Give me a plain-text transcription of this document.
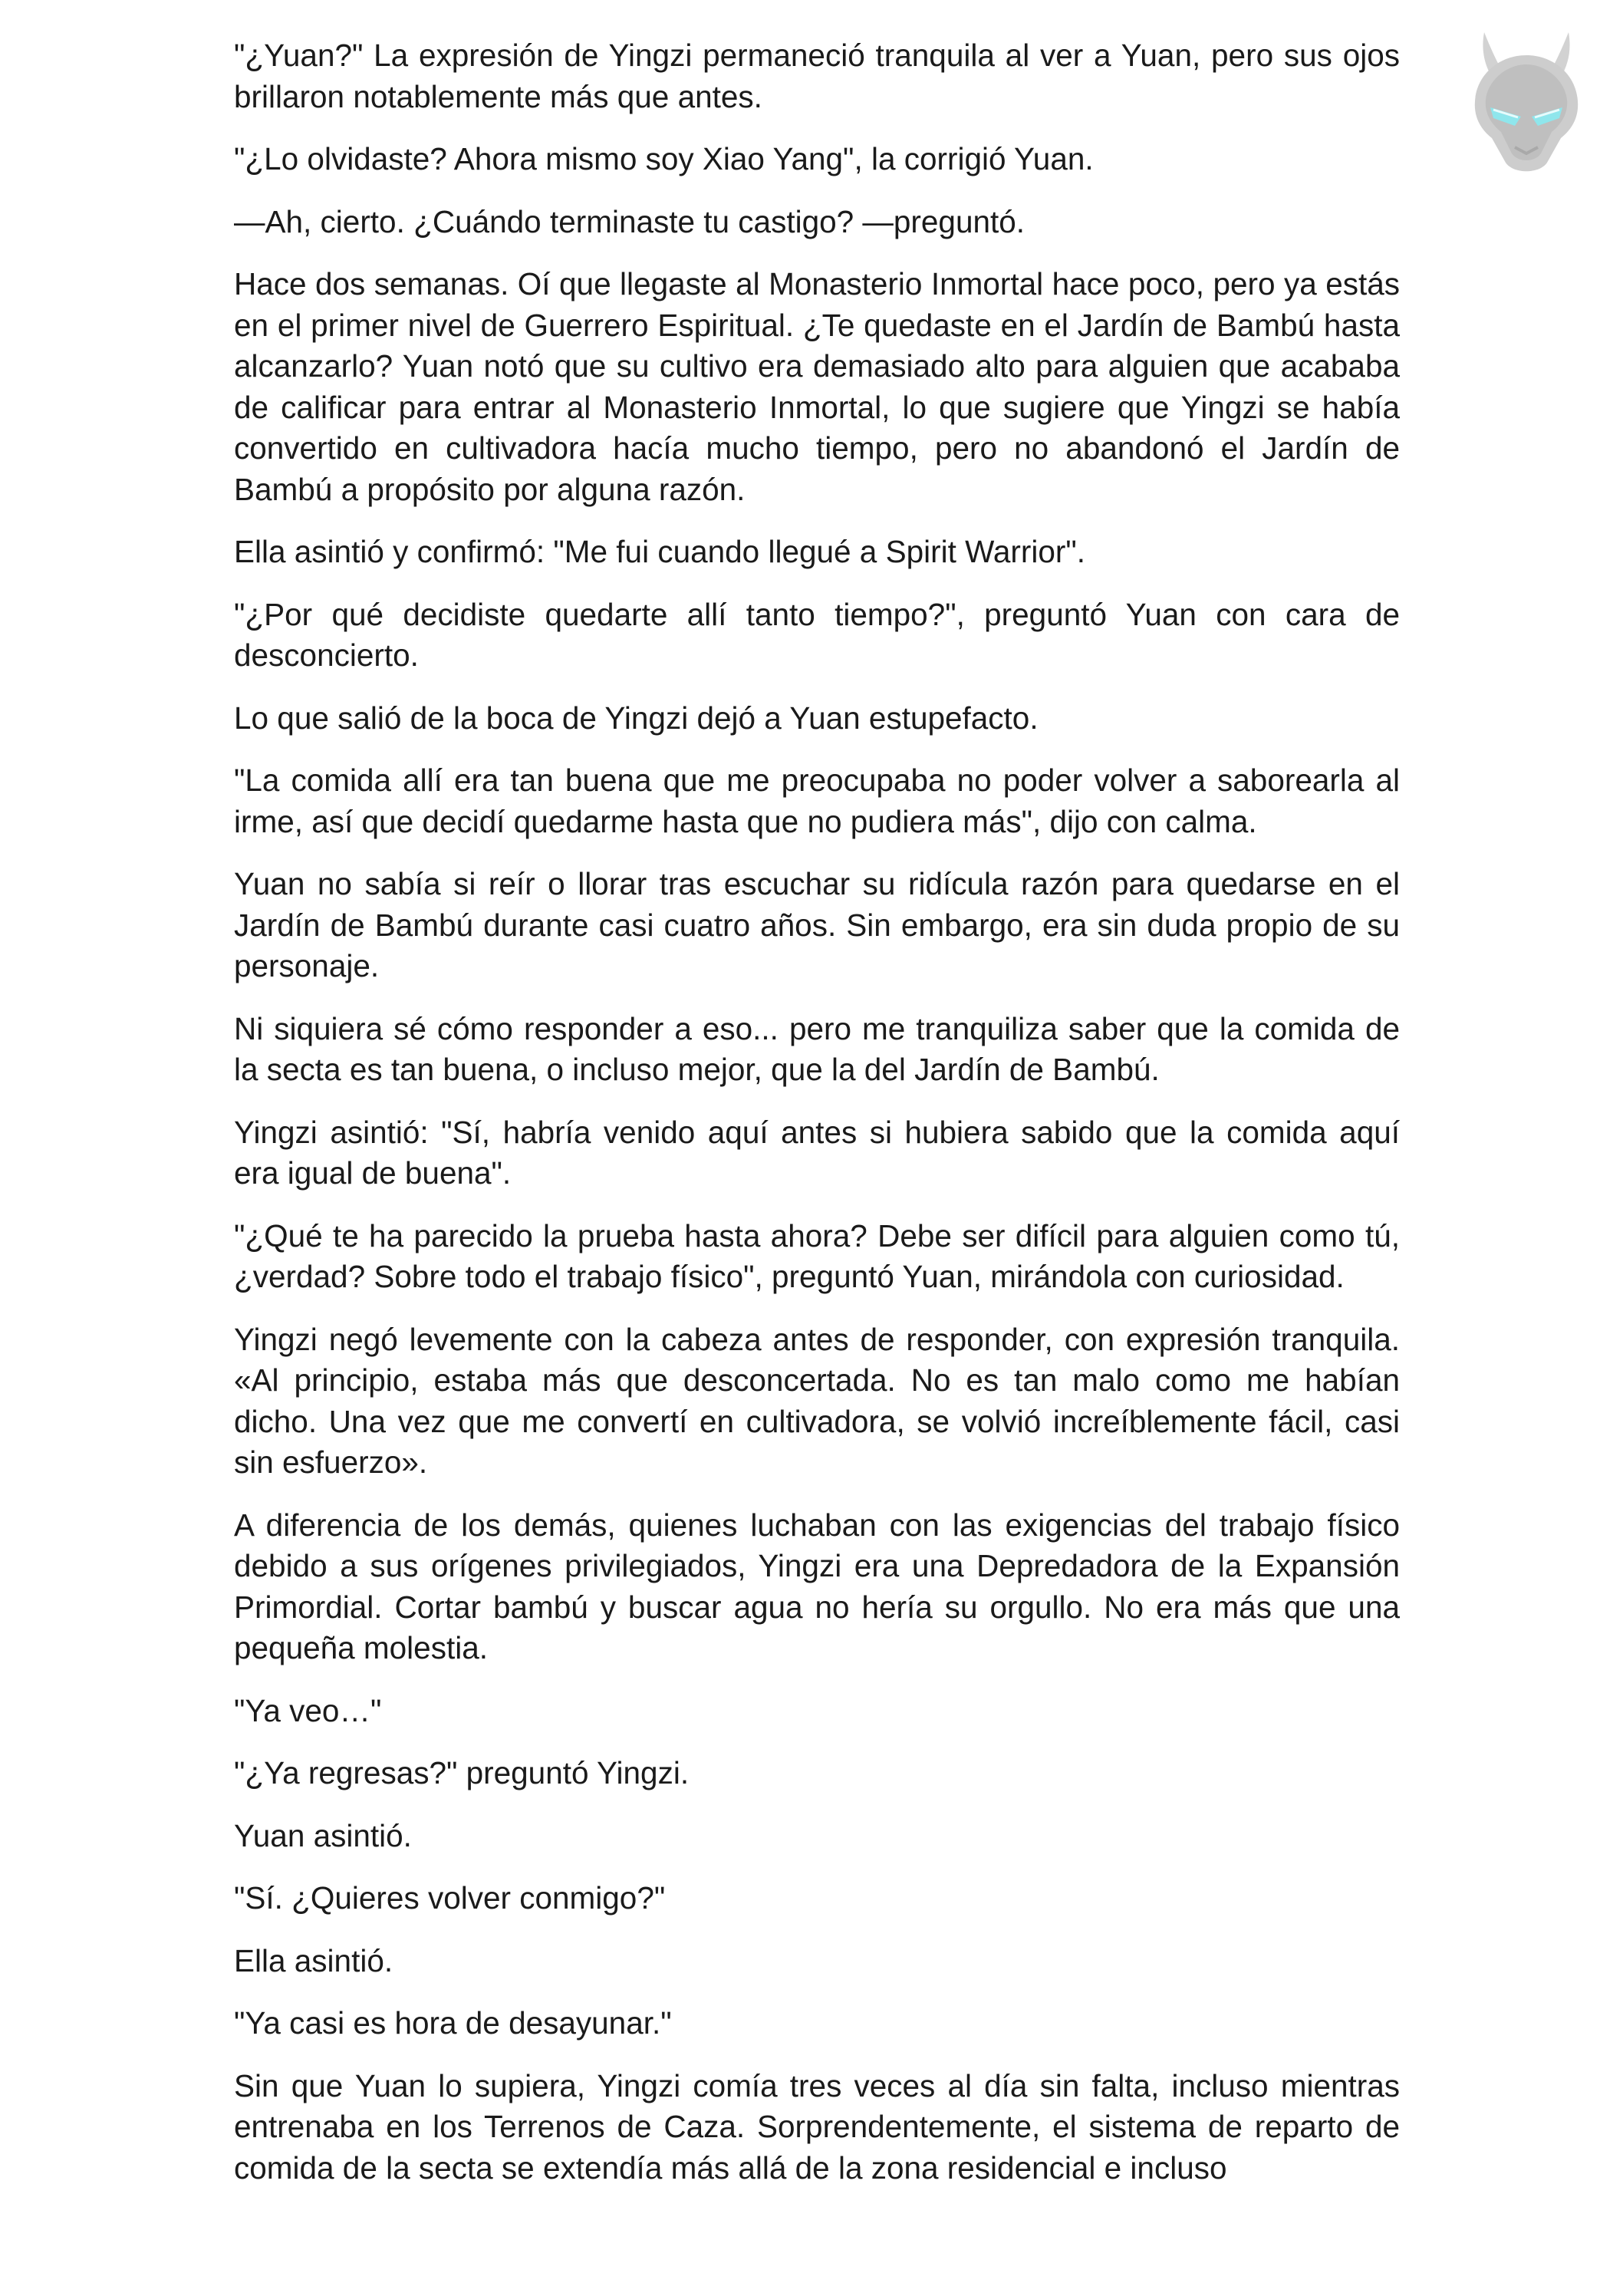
"¿Yuan?" La expresión de Yingzi permaneció tranquila al ver a Yuan, pero sus ojos brillaron notablemente más que antes.

"¿Lo olvidaste? Ahora mismo soy Xiao Yang", la corrigió Yuan.

—Ah, cierto. ¿Cuándo terminaste tu castigo? —preguntó.

Hace dos semanas. Oí que llegaste al Monasterio Inmortal hace poco, pero ya estás en el primer nivel de Guerrero Espiritual. ¿Te quedaste en el Jardín de Bambú hasta alcanzarlo? Yuan notó que su cultivo era demasiado alto para alguien que acababa de calificar para entrar al Monasterio Inmortal, lo que sugiere que Yingzi se había convertido en cultivadora hacía mucho tiempo, pero no abandonó el Jardín de Bambú a propósito por alguna razón.

Ella asintió y confirmó: "Me fui cuando llegué a Spirit Warrior".

"¿Por qué decidiste quedarte allí tanto tiempo?", preguntó Yuan con cara de desconcierto.

Lo que salió de la boca de Yingzi dejó a Yuan estupefacto.

"La comida allí era tan buena que me preocupaba no poder volver a saborearla al irme, así que decidí quedarme hasta que no pudiera más", dijo con calma.

Yuan no sabía si reír o llorar tras escuchar su ridícula razón para quedarse en el Jardín de Bambú durante casi cuatro años. Sin embargo, era sin duda propio de su personaje.

Ni siquiera sé cómo responder a eso... pero me tranquiliza saber que la comida de la secta es tan buena, o incluso mejor, que la del Jardín de Bambú.

Yingzi asintió: "Sí, habría venido aquí antes si hubiera sabido que la comida aquí era igual de buena".

"¿Qué te ha parecido la prueba hasta ahora? Debe ser difícil para alguien como tú, ¿verdad? Sobre todo el trabajo físico", preguntó Yuan, mirándola con curiosidad.

Yingzi negó levemente con la cabeza antes de responder, con expresión tranquila. «Al principio, estaba más que desconcertada. No es tan malo como me habían dicho. Una vez que me convertí en cultivadora, se volvió increíblemente fácil, casi sin esfuerzo».

A diferencia de los demás, quienes luchaban con las exigencias del trabajo físico debido a sus orígenes privilegiados, Yingzi era una Depredadora de la Expansión Primordial. Cortar bambú y buscar agua no hería su orgullo. No era más que una pequeña molestia.

"Ya veo…"

"¿Ya regresas?" preguntó Yingzi.

Yuan asintió.

"Sí. ¿Quieres volver conmigo?"

Ella asintió.

"Ya casi es hora de desayunar."

Sin que Yuan lo supiera, Yingzi comía tres veces al día sin falta, incluso mientras entrenaba en los Terrenos de Caza. Sorprendentemente, el sistema de reparto de comida de la secta se extendía más allá de la zona residencial e incluso
